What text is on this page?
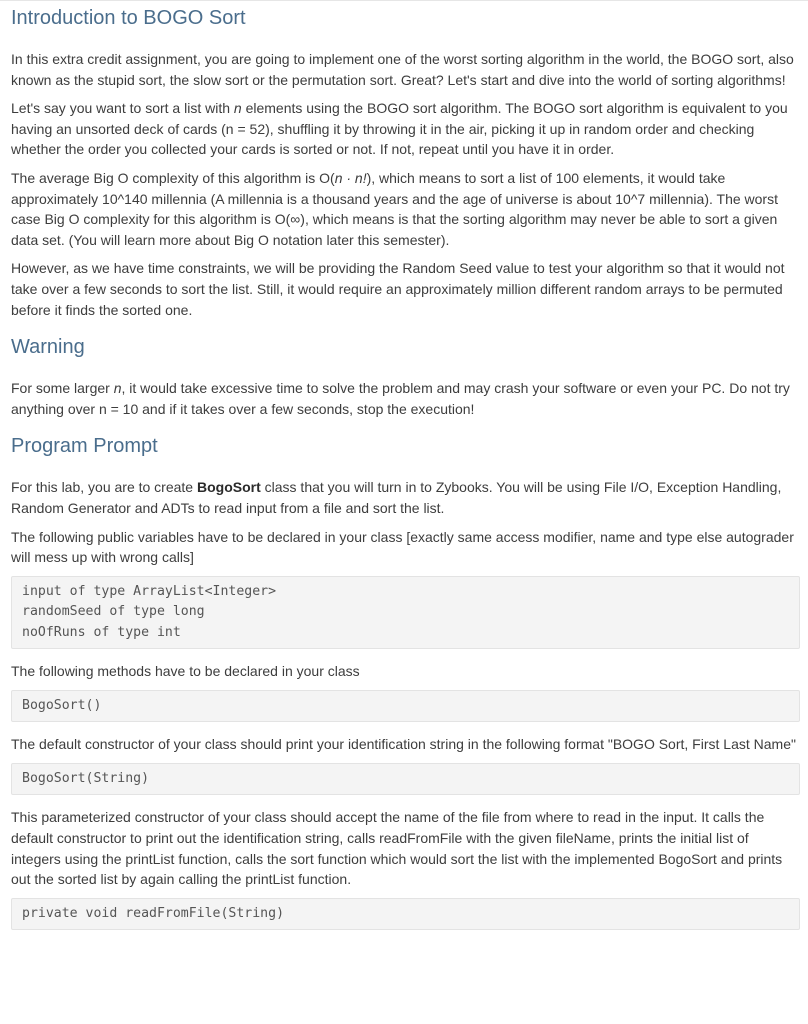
Introduction to BOGO Sort

In this extra credit assignment, you are going to implement one of the worst sorting algorithm in the world, the BOGO sort, also known as the stupid sort, the slow sort or the permutation sort. Great? Let's start and dive into the world of sorting algorithms!

Let's say you want to sort a list with n elements using the BOGO sort algorithm. The BOGO sort algorithm is equivalent to you having an unsorted deck of cards (n = 52), shuffling it by throwing it in the air, picking it up in random order and checking whether the order you collected your cards is sorted or not. If not, repeat until you have it in order.

The average Big O complexity of this algorithm is O(n · n!), which means to sort a list of 100 elements, it would take approximately 10^140 millennia (A millennia is a thousand years and the age of universe is about 10^7 millennia). The worst case Big O complexity for this algorithm is O(∞), which means is that the sorting algorithm may never be able to sort a given data set. (You will learn more about Big O notation later this semester).

However, as we have time constraints, we will be providing the Random Seed value to test your algorithm so that it would not take over a few seconds to sort the list. Still, it would require an approximately million different random arrays to be permuted before it finds the sorted one.

Warning

For some larger n, it would take excessive time to solve the problem and may crash your software or even your PC. Do not try anything over n = 10 and if it takes over a few seconds, stop the execution!

Program Prompt

For this lab, you are to create BogoSort class that you will turn in to Zybooks. You will be using File I/O, Exception Handling, Random Generator and ADTs to read input from a file and sort the list.

The following public variables have to be declared in your class [exactly same access modifier, name and type else autograder will mess up with wrong calls]

input of type ArrayList<Integer>
randomSeed of type long
noOfRuns of type int

The following methods have to be declared in your class

BogoSort()

The default constructor of your class should print your identification string in the following format "BOGO Sort, First Last Name"

BogoSort(String)

This parameterized constructor of your class should accept the name of the file from where to read in the input. It calls the default constructor to print out the identification string, calls readFromFile with the given fileName, prints the initial list of integers using the printList function, calls the sort function which would sort the list with the implemented BogoSort and prints out the sorted list by again calling the printList function.

private void readFromFile(String)
